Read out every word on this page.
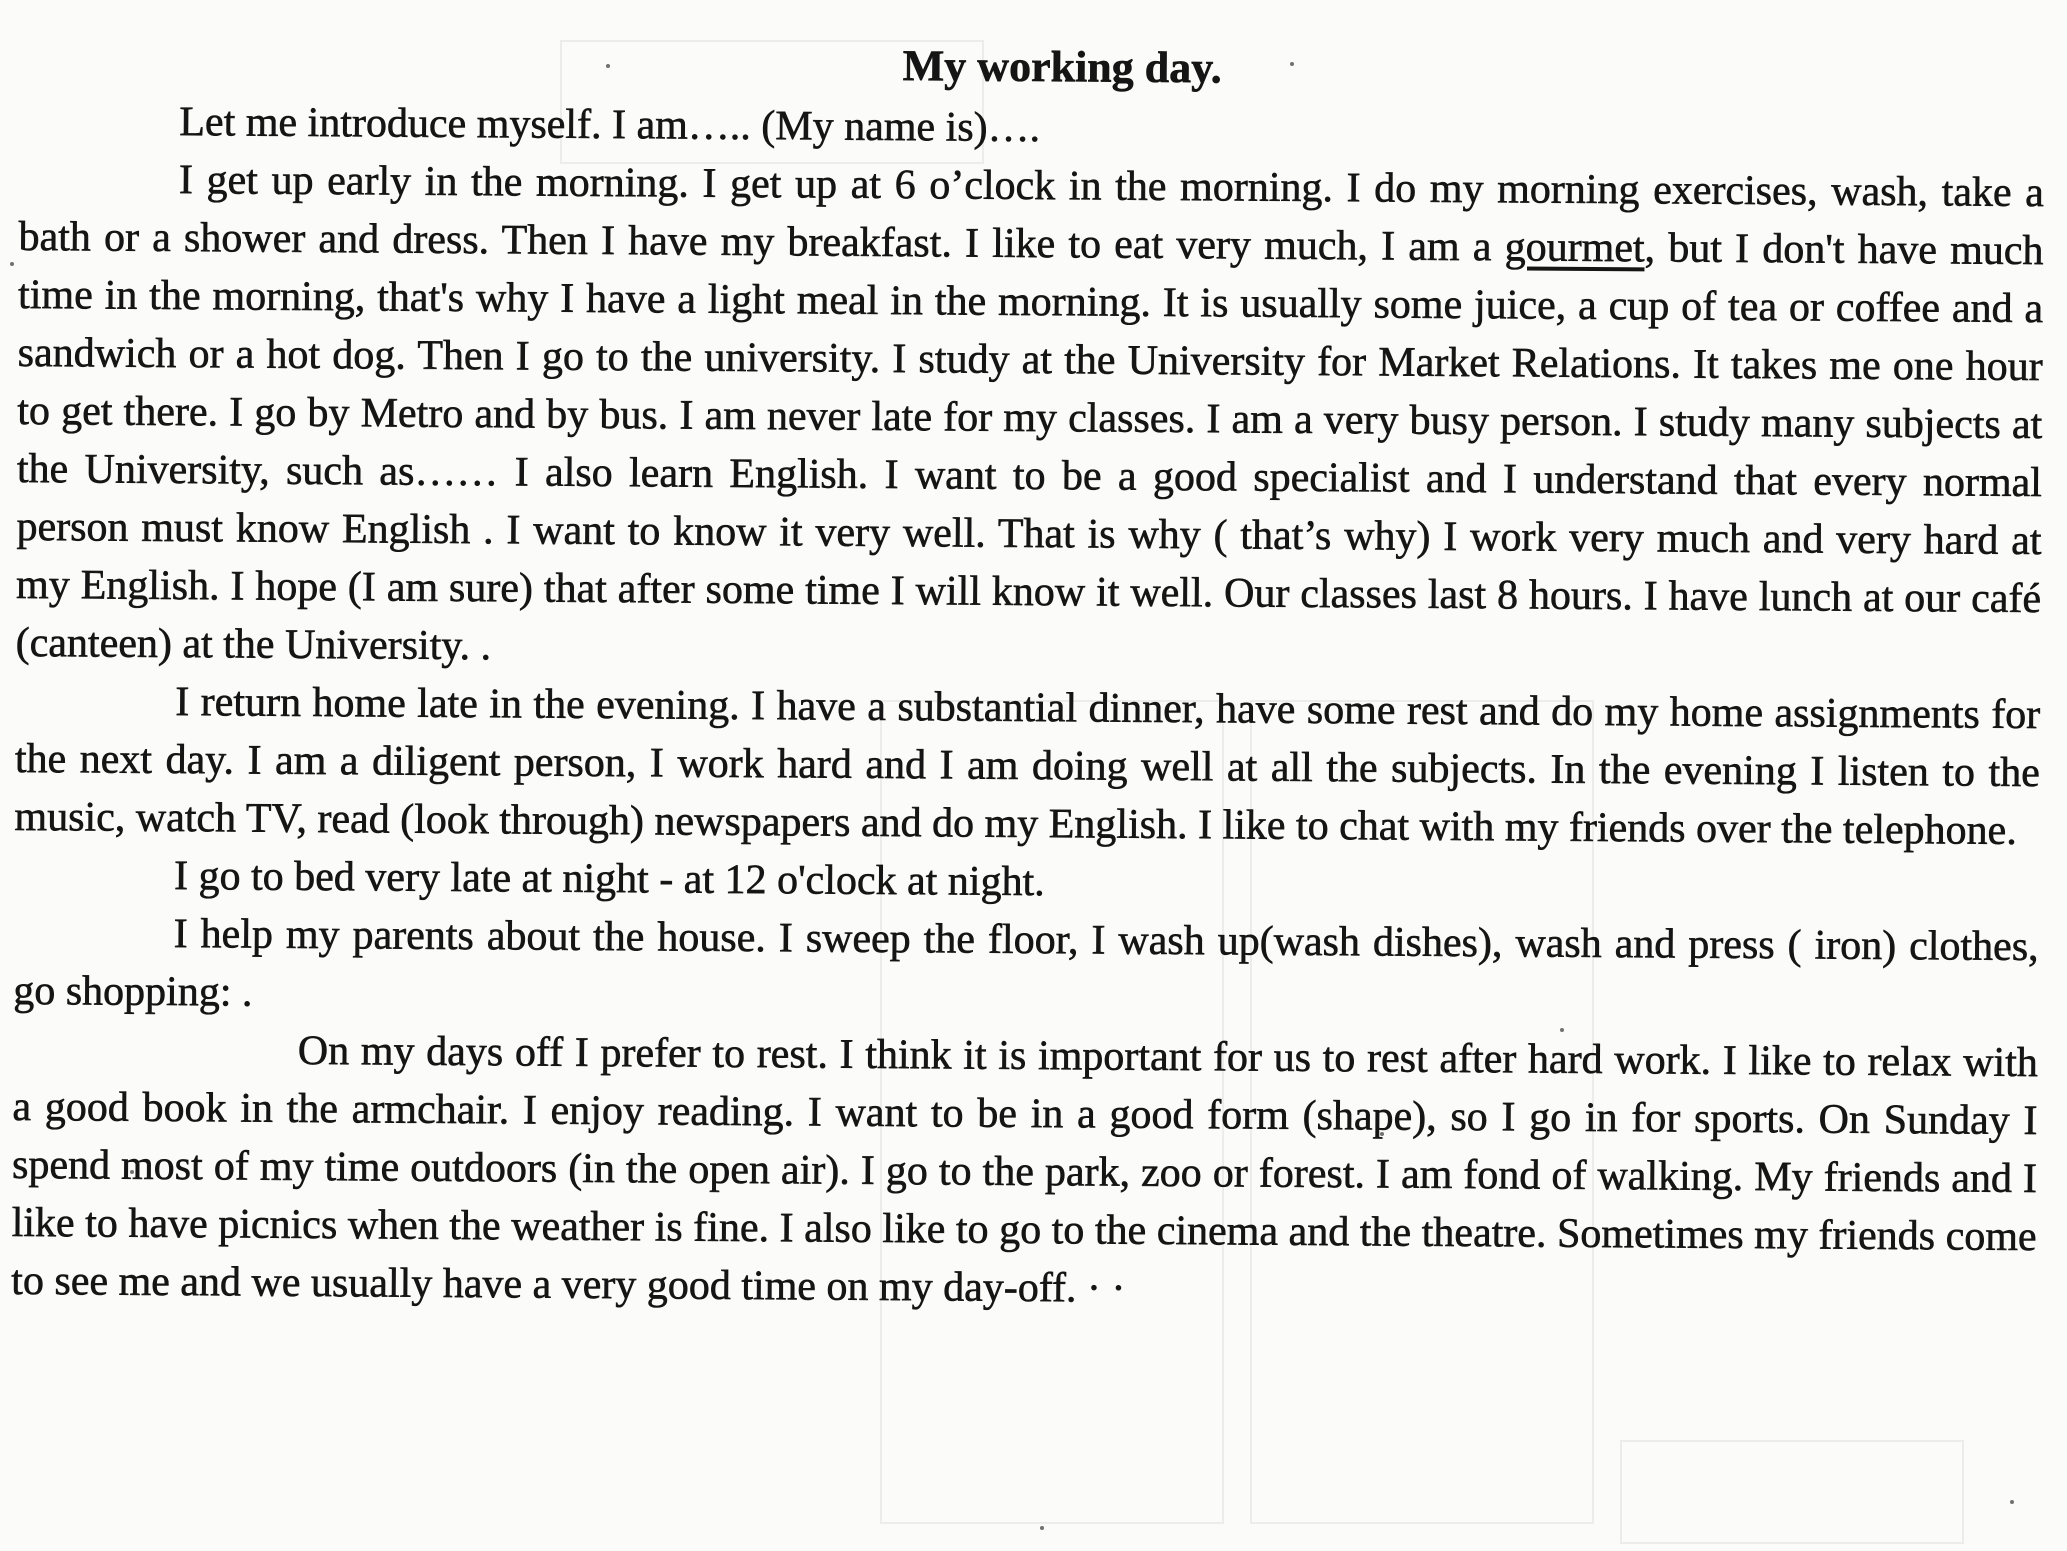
My working day.

Let me introduce myself. I am….. (My name is)….

I get up early in the morning. I get up at 6 o’clock in the morning. I do my morning exercises, wash, take a bath or a shower and dress. Then I have my breakfast. I like to eat very much, I am a gourmet, but I don't have much time in the morning, that's why I have a light meal in the morning. It is usually some juice, a cup of tea or coffee and a sandwich or a hot dog. Then I go to the university. I study at the University for Market Relations. It takes me one hour to get there. I go by Metro and by bus. I am never late for my classes. I am a very busy person. I study many subjects at the University, such as…… I also learn English. I want to be a good specialist and I understand that every normal person must know English . I want to know it very well. That is why ( that’s why) I work very much and very hard at my English. I hope (I am sure) that after some time I will know it well. Our classes last 8 hours. I have lunch at our café (canteen) at the University. .

I return home late in the evening. I have a substantial dinner, have some rest and do my home assignments for the next day. I am a diligent person, I work hard and I am doing well at all the subjects. In the evening I listen to the music, watch TV, read (look through) newspapers and do my English. I like to chat with my friends over the telephone.

I go to bed very late at night - at 12 o'clock at night.

I help my parents about the house. I sweep the floor, I wash up(wash dishes), wash and press ( iron) clothes, go shopping: .

On my days off I prefer to rest. I think it is important for us to rest after hard work. I like to relax with a good book in the armchair. I enjoy reading. I want to be in a good form (shape), so I go in for sports. On Sunday I spend most of my time outdoors (in the open air). I go to the park, zoo or forest. I am fond of walking. My friends and I like to have picnics when the weather is fine. I also like to go to the cinema and the theatre. Sometimes my friends come to see me and we usually have a very good time on my day-off. · ·
